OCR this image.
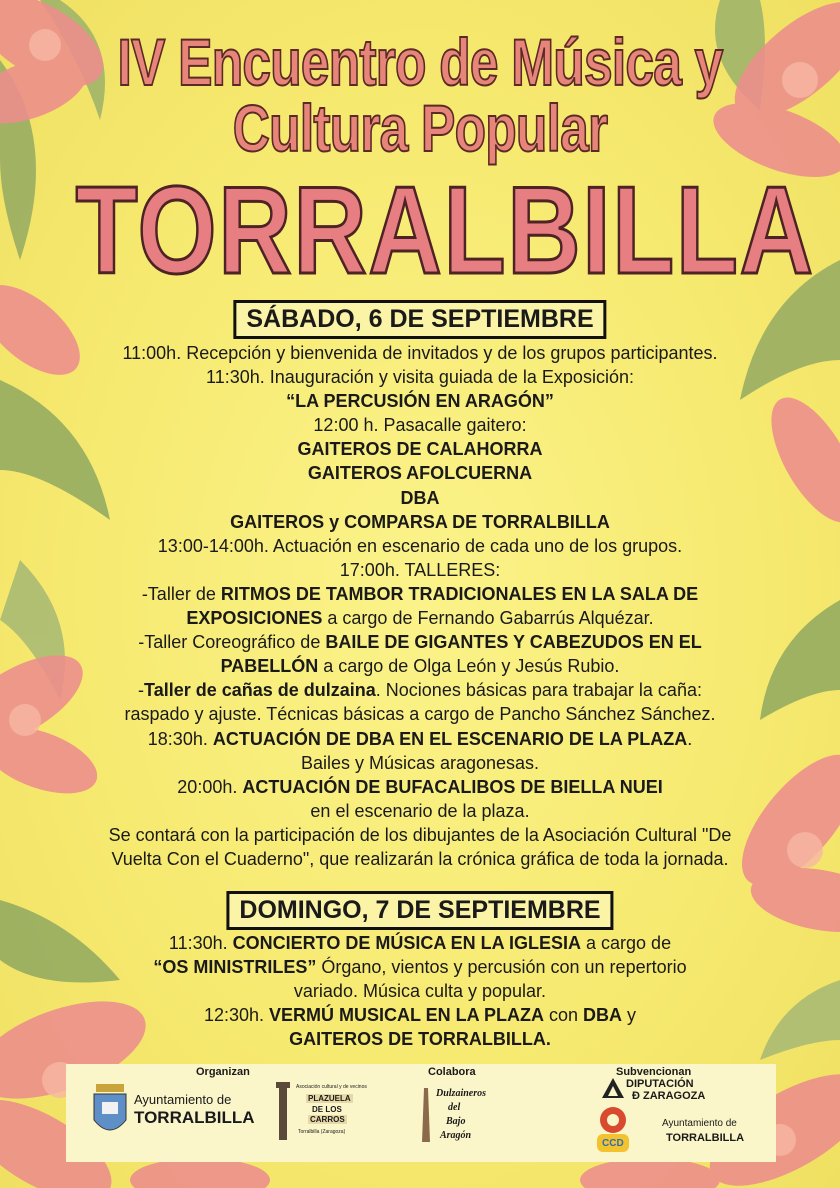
IV Encuentro de Música y
Cultura Popular
TORRALBILLA
SÁBADO, 6 DE SEPTIEMBRE
11:00h. Recepción y bienvenida de invitados y de los grupos participantes.
11:30h. Inauguración y visita guiada de la Exposición:
“LA PERCUSIÓN EN ARAGÓN”
12:00 h. Pasacalle gaitero:
GAITEROS DE CALAHORRA
GAITEROS AFOLCUERNA
DBA
GAITEROS y COMPARSA DE TORRALBILLA
13:00-14:00h. Actuación en escenario de cada uno de los grupos.
17:00h. TALLERES:
-Taller de RITMOS DE TAMBOR TRADICIONALES EN LA SALA DE
EXPOSICIONES a cargo de Fernando Gabarrús Alquézar.
-Taller Coreográfico de BAILE DE GIGANTES Y CABEZUDOS EN EL
PABELLÓN a cargo de Olga León y Jesús Rubio.
-Taller de cañas de dulzaina. Nociones básicas para trabajar la caña:
raspado y ajuste. Técnicas básicas a cargo de Pancho Sánchez Sánchez.
18:30h. ACTUACIÓN DE DBA EN EL ESCENARIO DE LA PLAZA.
Bailes y Músicas aragonesas.
20:00h. ACTUACIÓN DE BUFACALIBOS DE BIELLA NUEI
en el escenario de la plaza.
Se contará con la participación de los dibujantes de la Asociación Cultural "De
Vuelta Con el Cuaderno", que realizarán la crónica gráfica de toda la jornada.
DOMINGO, 7 DE SEPTIEMBRE
11:30h. CONCIERTO DE MÚSICA EN LA IGLESIA a cargo de
“OS MINISTRILES” Órgano, vientos y percusión con un repertorio
variado. Música culta y popular.
12:30h. VERMÚ MUSICAL EN LA PLAZA con DBA y
GAITEROS DE TORRALBILLA.
Organizan	Colabora	Subvencionan
Ayuntamiento de
TORRALBILLA
Asociación cultural y de vecinos
PLAZUELA
DE LOS
CARROS
Torralbilla (Zaragoza)
Dulzaineros
del
Bajo
Aragón
DIPUTACIÓN
Ð ZARAGOZA
CCD
Ayuntamiento de
TORRALBILLA
